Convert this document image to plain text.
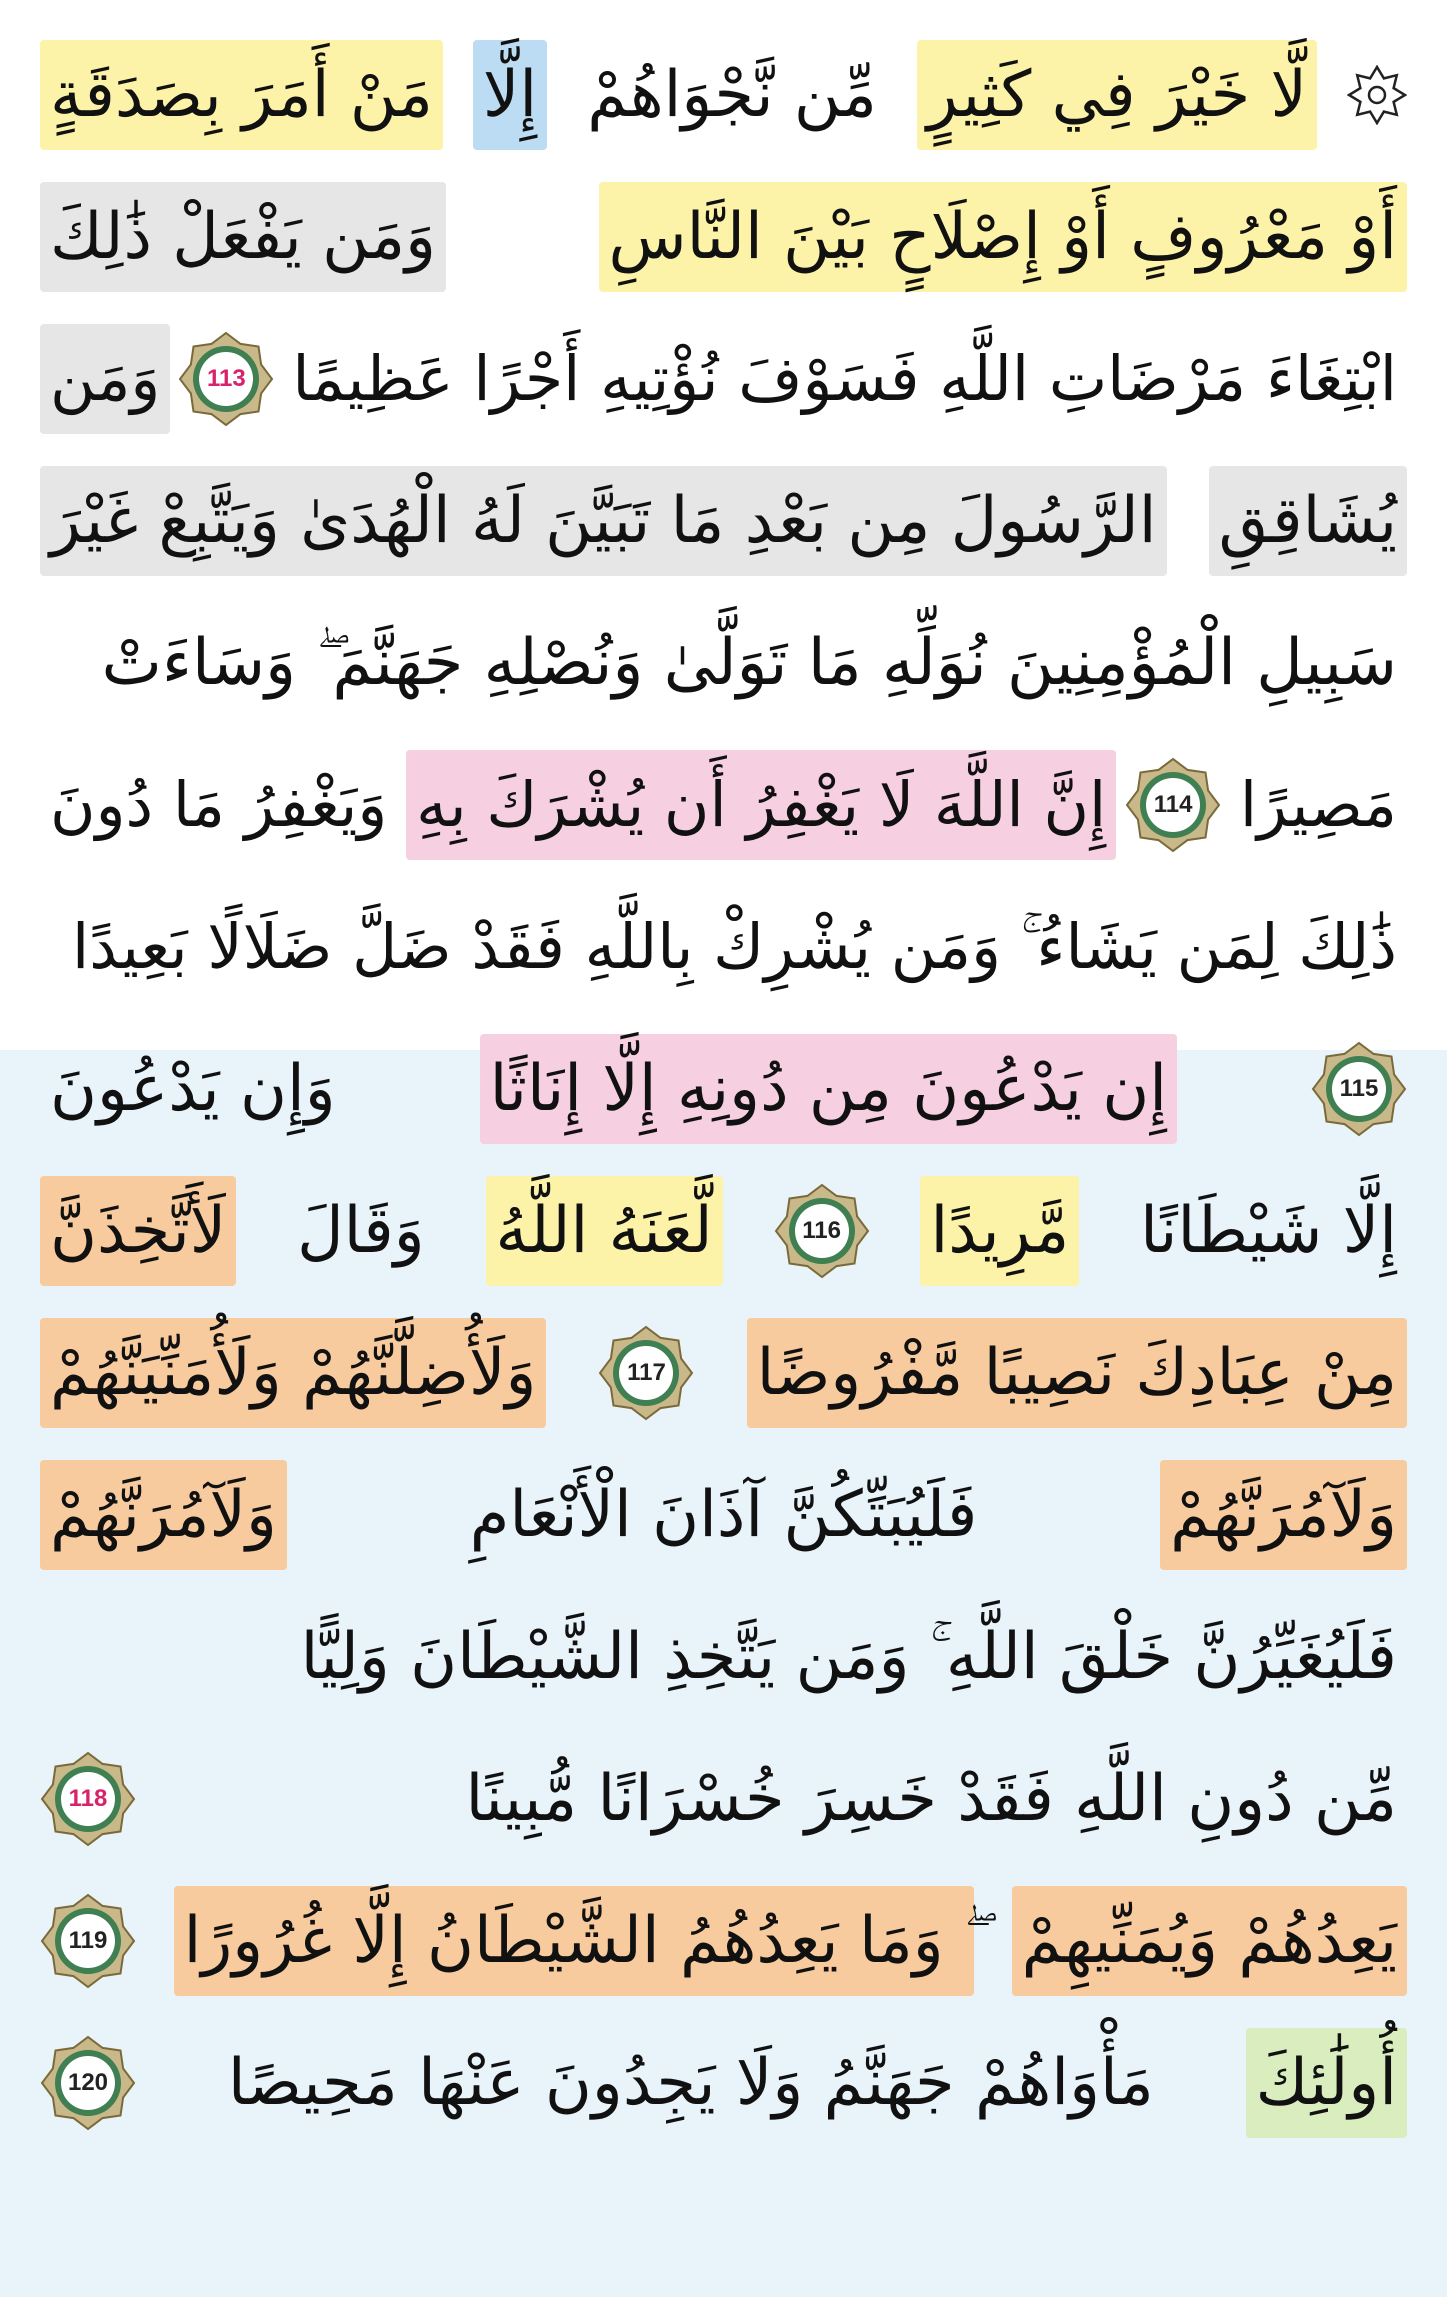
لَّا خَيْرَ فِي كَثِيرٍ
مِّن نَّجْوَاهُمْ
إِلَّا
مَنْ أَمَرَ بِصَدَقَةٍ
أَوْ مَعْرُوفٍ أَوْ إِصْلَاحٍ بَيْنَ النَّاسِ
وَمَن يَفْعَلْ ذَٰلِكَ
ابْتِغَاءَ مَرْضَاتِ اللَّهِ فَسَوْفَ نُؤْتِيهِ أَجْرًا عَظِيمًا
113
وَمَن
يُشَاقِقِ
الرَّسُولَ مِن بَعْدِ مَا تَبَيَّنَ لَهُ الْهُدَىٰ وَيَتَّبِعْ غَيْرَ
سَبِيلِ الْمُؤْمِنِينَ نُوَلِّهِ مَا تَوَلَّىٰ وَنُصْلِهِ جَهَنَّمَ ۖ وَسَاءَتْ
مَصِيرًا
114
إِنَّ اللَّهَ لَا يَغْفِرُ أَن يُشْرَكَ بِهِ
وَيَغْفِرُ مَا دُونَ
ذَٰلِكَ لِمَن يَشَاءُ ۚ وَمَن يُشْرِكْ بِاللَّهِ فَقَدْ ضَلَّ ضَلَالًا بَعِيدًا
115
إِن يَدْعُونَ مِن دُونِهِ إِلَّا إِنَاثًا
وَإِن يَدْعُونَ
إِلَّا شَيْطَانًا
مَّرِيدًا
116
لَّعَنَهُ اللَّهُ
وَقَالَ
لَأَتَّخِذَنَّ
مِنْ عِبَادِكَ نَصِيبًا مَّفْرُوضًا
117
وَلَأُضِلَّنَّهُمْ وَلَأُمَنِّيَنَّهُمْ
وَلَآمُرَنَّهُمْ
فَلَيُبَتِّكُنَّ آذَانَ الْأَنْعَامِ
وَلَآمُرَنَّهُمْ
فَلَيُغَيِّرُنَّ خَلْقَ اللَّهِ ۚ وَمَن يَتَّخِذِ الشَّيْطَانَ وَلِيًّا
مِّن دُونِ اللَّهِ فَقَدْ خَسِرَ خُسْرَانًا مُّبِينًا
118
يَعِدُهُمْ وَيُمَنِّيهِمْ
ۖ وَمَا يَعِدُهُمُ الشَّيْطَانُ إِلَّا غُرُورًا
119
أُولَٰئِكَ
مَأْوَاهُمْ جَهَنَّمُ وَلَا يَجِدُونَ عَنْهَا مَحِيصًا
120
